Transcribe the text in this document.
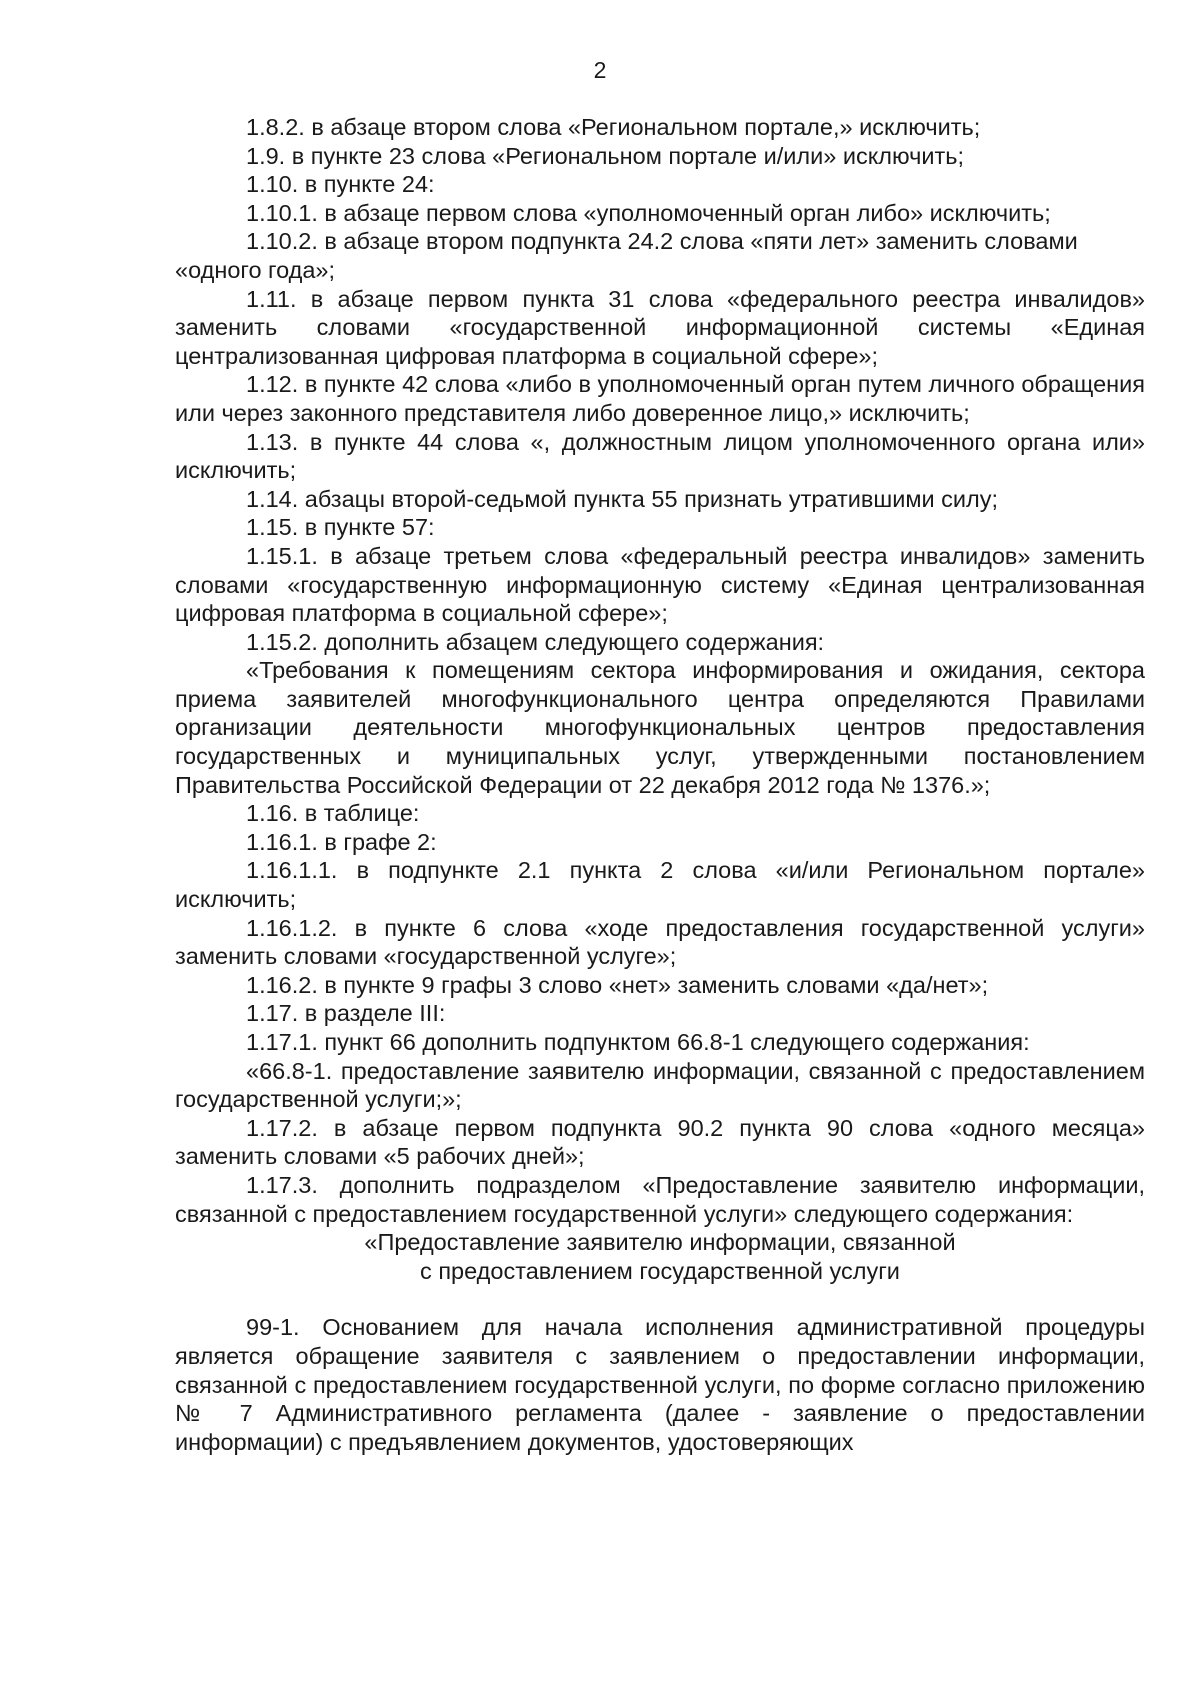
2

1.8.2. в абзаце втором слова «Региональном портале,» исключить;

1.9. в пункте 23 слова «Региональном портале и/или» исключить;

1.10. в пункте 24:

1.10.1. в абзаце первом слова «уполномоченный орган либо» исключить;

1.10.2. в абзаце втором подпункта 24.2 слова «пяти лет» заменить словами «одного года»;

1.11. в абзаце первом пункта 31 слова «федерального реестра инвалидов» заменить словами «государственной информационной системы «Единая централизованная цифровая платформа в социальной сфере»;

1.12. в пункте 42 слова «либо в уполномоченный орган путем личного обращения или через законного представителя либо доверенное лицо,» исключить;

1.13. в пункте 44 слова «, должностным лицом уполномоченного органа или» исключить;

1.14. абзацы второй-седьмой пункта 55 признать утратившими силу;

1.15. в пункте 57:

1.15.1. в абзаце третьем слова «федеральный реестра инвалидов» заменить словами «государственную информационную систему «Единая централизованная цифровая платформа в социальной сфере»;

1.15.2. дополнить абзацем следующего содержания:

«Требования к помещениям сектора информирования и ожидания, сектора приема заявителей многофункционального центра определяются Правилами организации деятельности многофункциональных центров предоставления государственных и муниципальных услуг, утвержденными постановлением Правительства Российской Федерации от 22 декабря 2012 года № 1376.»;

1.16. в таблице:

1.16.1. в графе 2:

1.16.1.1. в подпункте 2.1 пункта 2 слова «и/или Региональном портале» исключить;

1.16.1.2. в пункте 6 слова «ходе предоставления государственной услуги» заменить словами «государственной услуге»;

1.16.2. в пункте 9 графы 3 слово «нет» заменить словами «да/нет»;

1.17. в разделе III:

1.17.1. пункт 66 дополнить подпунктом 66.8-1 следующего содержания:

«66.8-1. предоставление заявителю информации, связанной с предоставлением государственной услуги;»;

1.17.2. в абзаце первом подпункта 90.2 пункта 90 слова «одного месяца» заменить словами «5 рабочих дней»;

1.17.3. дополнить подразделом «Предоставление заявителю информации, связанной с предоставлением государственной услуги» следующего содержания:

«Предоставление заявителю информации, связанной

с предоставлением государственной услуги

99-1. Основанием для начала исполнения административной процедуры является обращение заявителя с заявлением о предоставлении информации, связанной с предоставлением государственной услуги, по форме согласно приложению № 7 Административного регламента (далее - заявление о предоставлении информации) с предъявлением документов, удостоверяющих
